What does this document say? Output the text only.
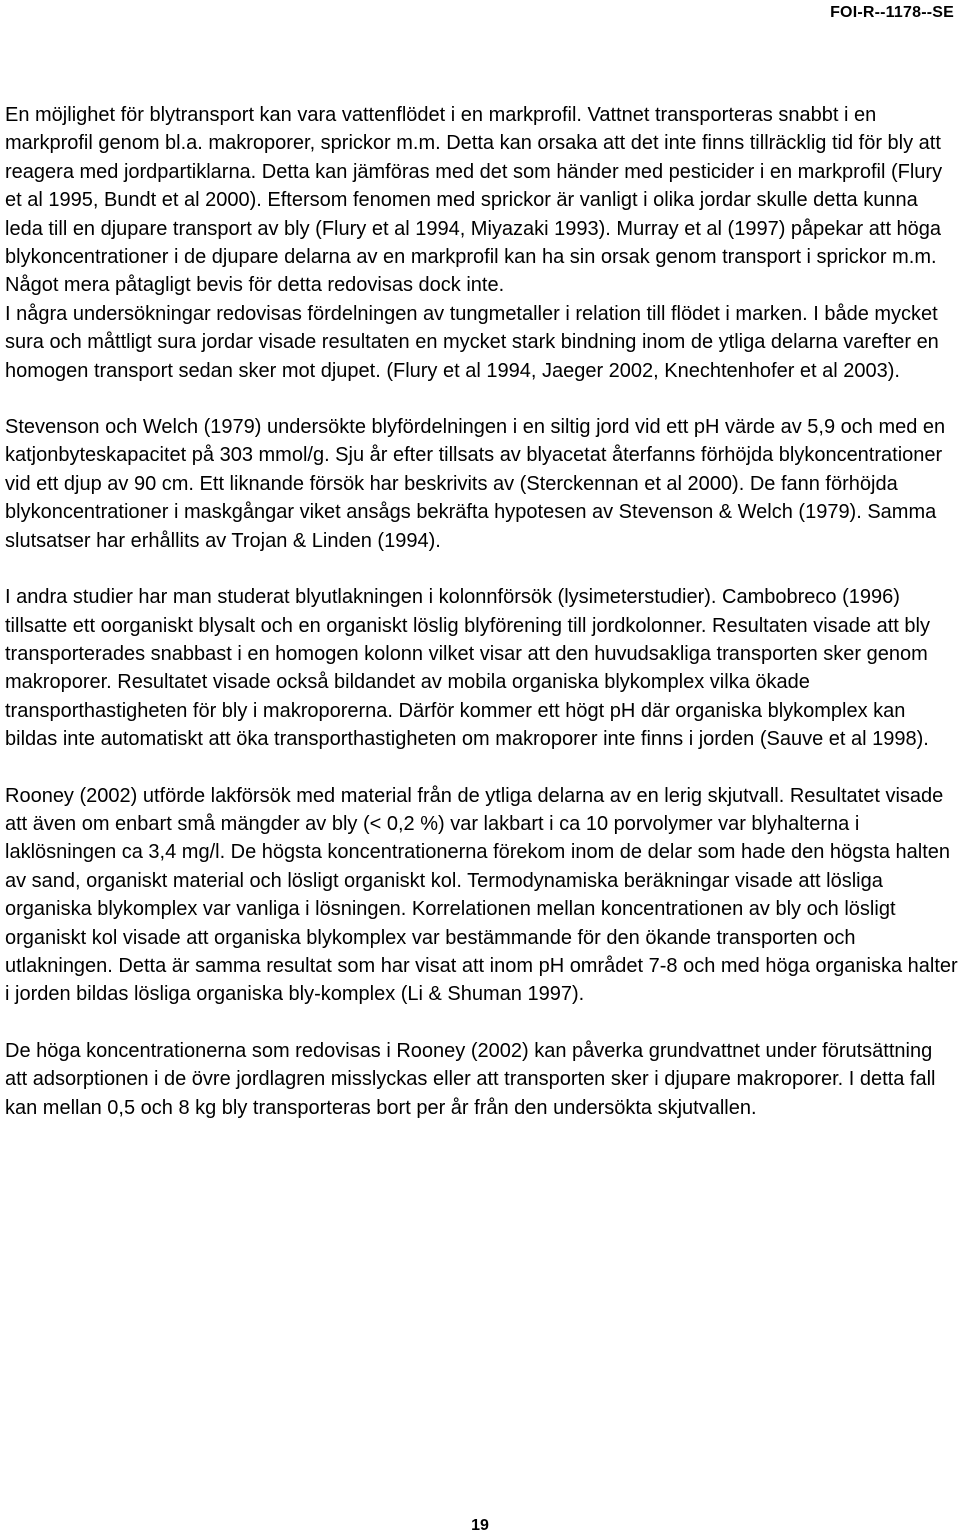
FOI-R--1178--SE

En möjlighet för blytransport kan vara vattenflödet i en markprofil. Vattnet transporteras snabbt i en markprofil genom bl.a. makroporer, sprickor m.m. Detta kan orsaka att det inte finns tillräcklig tid för bly att reagera med jordpartiklarna. Detta kan jämföras med det som händer med pesticider i en markprofil (Flury et al 1995, Bundt et al 2000). Eftersom fenomen med sprickor är vanligt i olika jordar skulle detta kunna leda till en djupare transport av bly (Flury et al 1994, Miyazaki 1993). Murray et al (1997) påpekar att höga blykoncentrationer i de djupare delarna av en markprofil kan ha sin orsak genom transport i sprickor m.m. Något mera påtagligt bevis för detta redovisas dock inte.

I några undersökningar redovisas fördelningen av tungmetaller i relation till flödet i marken. I både mycket sura och måttligt sura jordar visade resultaten en mycket stark bindning inom de ytliga delarna varefter en homogen transport sedan sker mot djupet. (Flury et al 1994, Jaeger 2002, Knechtenhofer et al 2003).

Stevenson och Welch (1979) undersökte blyfördelningen i en siltig jord vid ett pH värde av 5,9 och med en katjonbyteskapacitet på 303 mmol/g. Sju år efter tillsats av blyacetat återfanns förhöjda blykoncentrationer vid ett djup av 90 cm. Ett liknande försök har beskrivits av (Sterckennan et al 2000). De fann förhöjda blykoncentrationer i maskgångar viket ansågs bekräfta hypotesen av Stevenson & Welch (1979). Samma slutsatser har erhållits av Trojan & Linden (1994).

I andra studier har man studerat blyutlakningen i kolonnförsök (lysimeterstudier). Cambobreco (1996) tillsatte ett oorganiskt blysalt och en organiskt löslig blyförening till jordkolonner. Resultaten visade att bly transporterades snabbast i en homogen kolonn vilket visar att den huvudsakliga transporten sker genom makroporer. Resultatet visade också bildandet av mobila organiska blykomplex vilka ökade transporthastigheten för bly i makroporerna. Därför kommer ett högt pH där organiska blykomplex kan bildas inte automatiskt att öka transporthastigheten om makroporer inte finns i jorden (Sauve et al 1998).

Rooney (2002) utförde lakförsök med material från de ytliga delarna av en lerig skjutvall. Resultatet visade att även om enbart små mängder av bly (< 0,2 %) var lakbart i ca 10 porvolymer var blyhalterna i laklösningen ca 3,4 mg/l. De högsta koncentrationerna förekom inom de delar som hade den högsta halten av sand, organiskt material och lösligt organiskt kol. Termodynamiska beräkningar visade att lösliga organiska blykomplex var vanliga i lösningen. Korrelationen mellan koncentrationen av bly och lösligt organiskt kol visade att organiska blykomplex var bestämmande för den ökande transporten och utlakningen. Detta är samma resultat som har visat att inom pH området 7-8 och med höga organiska halter i jorden bildas lösliga organiska bly-komplex (Li & Shuman 1997).

De höga koncentrationerna som redovisas i Rooney (2002) kan påverka grundvattnet under förutsättning att adsorptionen i de övre jordlagren misslyckas eller att transporten sker i djupare makroporer. I detta fall kan mellan 0,5 och 8 kg bly transporteras bort per år från den undersökta skjutvallen.

19
